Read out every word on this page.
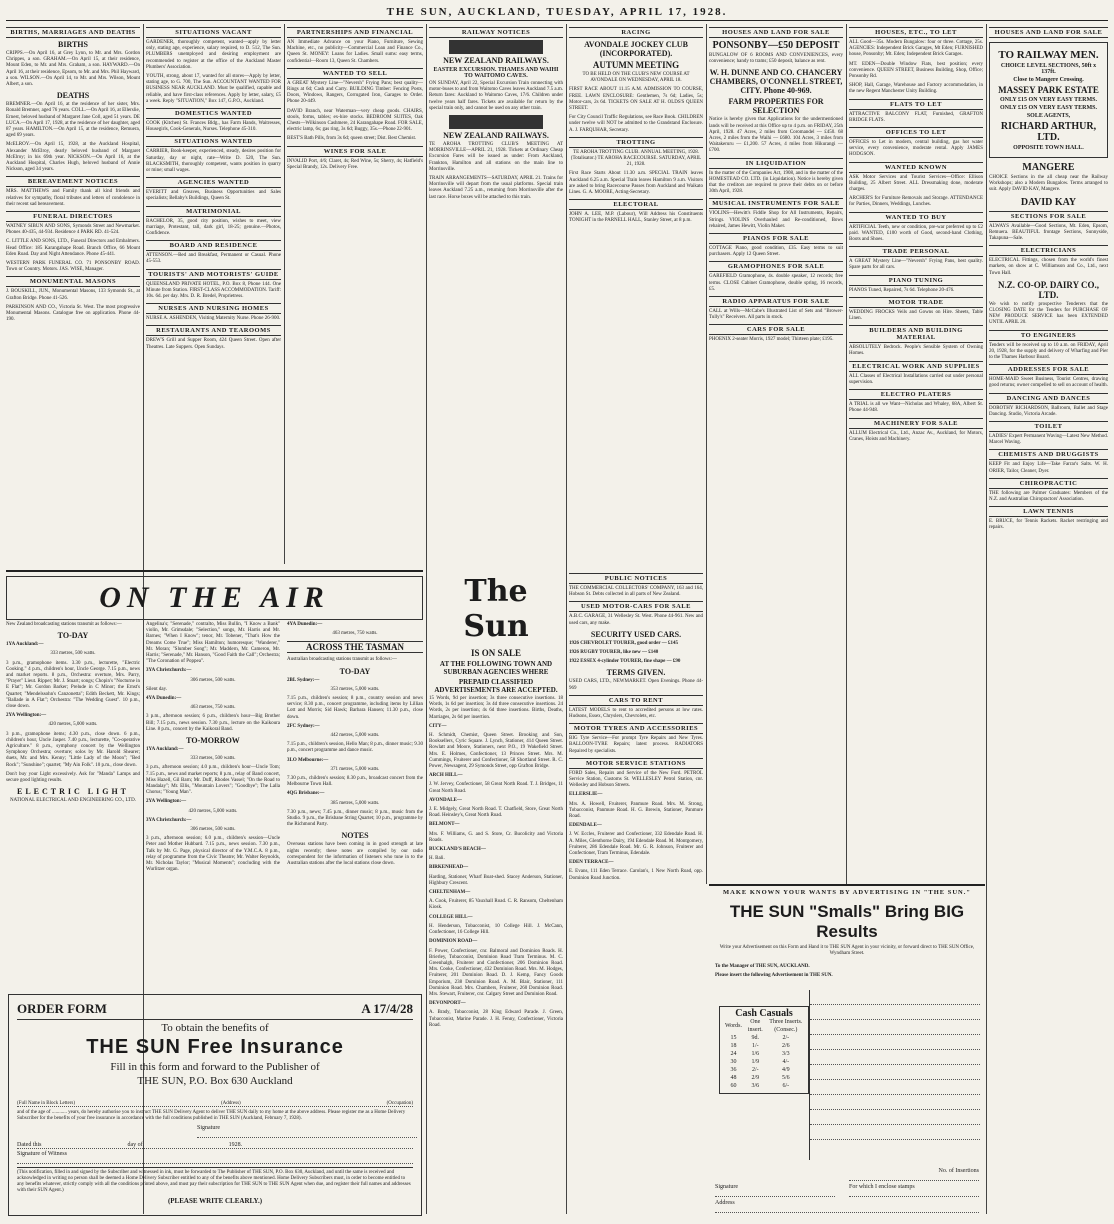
THE SUN, AUCKLAND, TUESDAY, APRIL 17, 1928.
BIRTHS, MARRIAGES AND DEATHS
BIRTHS

CRIPPS.—On April 16, at Grey Lynn, to Mr. and Mrs. Gordon Chrippes, a son. GRAHAM.—On April 15, at their residence, Mount Eden, to Mr. and Mrs. Graham, a son. HAYWARD.—On April 16, at their residence, Epsom, to Mr. and Mrs. Phil Hayward, a son. WILSON.—On April 14, to Mr. and Mrs. Wilson, Mount Albert, a son.

DEATHS

BREMNER.—On April 16, at the residence of her sister, Mrs. Ronald Bremner, aged 76 years. COLL.—On April 16, at Ellerslie, Ernest, beloved husband of Margaret Jane Coll, aged 51 years. DE LUCA.—On April 17, 1928, at the residence of her daughter, aged 87 years. HAMILTON.—On April 15, at the residence, Remuera, aged 69 years.

McELROY.—On April 15, 1928, at the Auckland Hospital, Alexander McElroy, dearly beloved husband of Margaret McElroy; in his 69th year. NICKSON.—On April 16, at the Auckland Hospital, Charles Hugh, beloved husband of Annie Nickson, aged 34 years.

BEREAVEMENT NOTICES

MRS. MATTHEWS and Family thank all kind friends and relatives for sympathy, floral tributes and letters of condolence in their recent sad bereavement.

FUNERAL DIRECTORS

WATNEY SIBUN AND SONS, Symonds Street and Newmarket. Phones 40-435, 44-934. Residence 4 PARK RD. 41-524.

C. LITTLE AND SONS, LTD., Funeral Directors and Embalmers. Head Office: 185 Karangahape Road. Branch Office, 66 Mount Eden Road. Day and Night Attendance. Phone 45-441.

WESTERN PARK FUNERAL CO. 71 PONSONBY ROAD. Town or Country. Motors. JAS. WISE, Manager.

MONUMENTAL MASONS

J. BOUSKILL, JUN., Monumental Masons, 133 Symonds St., at Grafton Bridge. Phone 41-526.

PARKINSON AND CO., Victoria St. West. The most progressive Monumental Masons. Catalogue free on application. Phone 44-190.

SITUATIONS VACANT

GARDENER, thoroughly competent, wanted—apply by letter only, stating age, experience, salary required, to D. 512, The Sun. PLUMBERS unemployed and desiring employment are recommended to register at the office of the Auckland Master Plumbers' Association.

YOUTH, strong, about 17, wanted for all stores—Apply by letter, stating age, to G. 700, The Sun. ACCOUNTANT WANTED FOR BUSINESS NEAR AUCKLAND. Must be qualified, capable and reliable, and have first-class references. Apply by letter, salary, £5 a week. Reply "SITUATION," Box 147, G.P.O., Auckland.

DOMESTICS WANTED

COOK (Kitchen) St. Frances Bldg., has Farm Hands, Waitresses, Housegirls, Cook-Generals, Nurses. Telephone 45-310.

SITUATIONS WANTED

CARRIER, Book-keeper, experienced, steady, desires position for Saturday, day or night, rate—Write D. 520, The Sun. BLACKSMITH, thoroughly competent, wants position in quarry or mine; small wages.

AGENCIES WANTED

EVERITT and Greaves, Business Opportunities and Sales specialists; Bellaby's Buildings, Queen St.

MATRIMONIAL

BACHELOR, 35, good city position, wishes to meet, view marriage, Protestant, tall, dark girl, 18-25; genuine.—Photos, Confidence.

BOARD AND RESIDENCE

ATTENSON.—Bed and Breakfast, Permanent or Casual. Phone 45-553.

TOURISTS' AND MOTORISTS' GUIDE

QUEENSLAND PRIVATE HOTEL, P.O. Box 8, Phone 144. One Minute from Station. FIRST-CLASS ACCOMMODATION. Tariff: 10s. 6d. per day. Mrs. D. R. Bredel, Proprietress.

NURSES AND NURSING HOMES

NURSE A. ASHENDEN, Visiting Maternity Nurse. Phone 26-900.

RESTAURANTS AND TEAROOMS

DREW'S Grill and Supper Room, 424 Queen Street. Open after Theatres. Late Suppers. Open Sundays.

PARTNERSHIPS AND FINANCIAL

AN Immediate Advance on your Piano, Furniture, Sewing Machine, etc., no publicity—Commercial Loan and Finance Co., Queen St. MONEY: Loans for Ladies. Small sums: easy terms, confidential—Room 13, Queen St. Chambers.

WANTED TO SELL

A GREAT Mystery Line—"Neversh" Frying Pans; best quality—Rings at 6d; Cash and Carry. BUILDING Timber: Fencing Posts, Doors, Windows, Rangers, Corrugated Iron, Garages to Order. Phone 20-449.

DAVID Branch, near Waterman—very cheap goods. CHAIRS, stools, forms, tables; ex-hire stocks. BEDROOM SUITES, Oak Chests—Wilkinson Cashmere, 24 Karangahape Road. FOR SALE, electric lamp, 6s; gas ring, 3s 6d; Buggy, 35s.—Phone 22-901.

BEST'S Bath Pills, from 3s 6d; queen street; Dist. Best Chemist.

WINES FOR SALE

INVALID Port, 4/6; Claret, 4s; Red Wine, 5s; Sherry, 4s; Hatfield's Special Brandy, 12s. Delivery Free.

RAILWAY NOTICES
NEW ZEALAND RAILWAYS.
EASTER EXCURSION. THAMES AND WAIHI TO WAITOMO CAVES.

ON SUNDAY, April 22, Special Excursion Train connecting with motor-buses to and from Waitomo Caves leaves Auckland 7.5 a.m. Return fares: Auckland to Waitomo Caves, 17/6. Children under twelve years half fares. Tickets are available for return by the special train only, and cannot be used on any other train.

NEW ZEALAND RAILWAYS.

TE AROHA TROTTING CLUB'S MEETING AT MORRINSVILLE—APRIL 21, 1928. Tickets at Ordinary Cheap Excursion Fares will be issued as under: From Auckland, Frankton, Hamilton and all stations on the main line to Morrinsville.

TRAIN ARRANGEMENTS—SATURDAY, APRIL 21. Trains for Morrinsville will depart from the usual platforms. Special train leaves Auckland 7.25 a.m., returning from Morrinsville after the last race. Horse boxes will be attached to this train.

RACING
AVONDALE JOCKEY CLUB (INCORPORATED).
AUTUMN MEETING

TO BE HELD ON THE CLUB'S NEW COURSE AT AVONDALE ON WEDNESDAY, APRIL 18.

FIRST RACE ABOUT 11.15 A.M. ADMISSION TO COURSE, FREE. LAWN ENCLOSURE: Gentlemen, 7s 6d; Ladies, 5s; Motor-cars, 2s 6d. TICKETS ON SALE AT H. OLDS'S QUEEN STREET.

For City Council Traffic Regulations, see Race Book. CHILDREN under twelve will NOT be admitted to the Grandstand Enclosure. A. J. FARQUHAR, Secretary.

TROTTING

TE AROHA TROTTING CLUB. ANNUAL MEETING, 1928. (Totalisator.) TE AROHA RACECOURSE. SATURDAY, APRIL 21, 1928.

First Race Starts About 11.30 a.m. SPECIAL TRAIN leaves Auckland 6.25 a.m. Special Train leaves Hamilton 9 a.m. Visitors are asked to bring Racecourse Passes from Auckland and Waikato Lines. G. A. MOORE, Acting-Secretary.

ELECTORAL

JOHN A. LEE, M.P. (Labour), Will Address his Constituents TONIGHT in the PARNELL HALL, Stanley Street, at 8 p.m.

HOUSES AND LAND FOR SALE
PONSONBY—£50 DEPOSIT

BUNGALOW OF 6 ROOMS AND CONVENIENCES, every convenience; handy to trams; £50 deposit, balance as rent.

W. H. DUNNE AND CO. CHANCERY CHAMBERS, O'CONNELL STREET, CITY. Phone 40-969.
FARM PROPERTIES FOR SELECTION

Notice is hereby given that Applications for the undermentioned lands will be received at this Office up to 4 p.m. on FRIDAY, 25th April, 1928. 47 Acres, 2 miles from Coromandel — £450. 68 Acres, 2 miles from the Waihi — £680. 104 Acres, 3 miles from Waitakeruru — £1,200. 57 Acres, 4 miles from Hikurangi — £700.

IN LIQUIDATION

In the matter of the Companies Act, 1908, and in the matter of the HOMESTEAD CO. LTD. (in Liquidation). Notice is hereby given that the creditors are required to prove their debts on or before 30th April, 1928.

MUSICAL INSTRUMENTS FOR SALE

VIOLINS—Hewitt's Fiddle Shop for All Instruments, Repairs, Strings. VIOLINS Overhauled and Re-conditioned, Bows rehaired, James Hewitt, Violin Maker.

PIANOS FOR SALE

COTTAGE Piano, good condition, £35. Easy terms to suit purchasers. Apply 12 Queen Street.

GRAMOPHONES FOR SALE

GAREFIELD Gramophone, 4s. double speaker, 12 records; free terms. CLOSE Cabinet Gramophone, double spring, 16 records, £5.

RADIO APPARATUS FOR SALE

CALL at Wills—McCabe's Illustrated List of Sets and "Brower-Tully's" Receivers. All parts in stock.

CARS FOR SALE

PHOENIX 2-seater Morris, 1927 model; Thirteen plate; £195.

HOUSES, ETC., TO LET

ALL Good—35s. Modern Bungalow: four or three. Cottage, 25s. AGENCIES: Independent Brick Garages, Mt Eden; FURNISHED house, Ponsonby; Mt. Eden; Independent Brick Garages.

MT. EDEN—Double Window Flats, best position; every convenience. QUEEN STREET, Business Building, Shop, Office; Ponsonby Rd.

SHOP, Hall, Garage, Warehouse and Factory accommodation, in the new Regent Manchester Unity Building.

FLATS TO LET

ATTRACTIVE BALCONY FLAT, Furnished, GRAFTON BRIDGE FLATS.

OFFICES TO LET

OFFICES to Let in modern, central building, gas hot water service, every convenience, moderate rental. Apply JAMES HODGSON.

WANTED KNOWN

ASK Motor Services and Tourist Services—Office: Ellison Building, 25 Albert Street. ALL Dressmaking done, moderate charges.

ARCHER'S for Furniture Removals and Storage. ATTENDANCE for Parties, Dinners, Weddings, Lunches.

WANTED TO BUY

ARTIFICIAL Teeth, new or condition, pre-war preferred up to £2 paid. WANTED, £100 worth of Good, second-hand Clothing, Boots and Shoes.

TRADE PERSONAL

A GREAT Mystery Line—"Neversh" Frying Pans, best quality. Spare parts for all cars.

PIANO TUNING

PIANOS Tuned, Repaired, 7s 6d. Telephone 20-476.

MOTOR TRADE

WEDDING FROCKS Veils and Gowns on Hire. Sheets, Table Linen.

BUILDERS AND BUILDING MATERIAL

ABSOLUTELY Bedrock. People's Sensible System of Owning Homes.

ELECTRICAL WORK AND SUPPLIES

ALL Classes of Electrical Installations carried out under personal supervision.

ELECTRO PLATERS

A TRIAL is all we Want—Nicholas and Whaley, 68A, Albert St. Phone 44-948.

MACHINERY FOR SALE

ALLUM Electrical Co., Ltd., Anzac Av., Auckland, for Motors, Cranes, Hoists and Machinery.

HOUSES AND LAND FOR SALE
TO RAILWAY MEN.
CHOICE LEVEL SECTIONS, 50ft x 137ft.
Close to Mangere Crossing.
MASSEY PARK ESTATE
ONLY £15 ON VERY EASY TERMS.
ONLY £15 ON VERY EASY TERMS.
SOLE AGENTS,
RICHARD ARTHUR, LTD.
OPPOSITE TOWN HALL.
MANGERE

CHOICE Sections in the all cheap near the Railway Workshops; also a Modern Bungalow. Terms arranged to suit. Apply DAVID KAY, Mangere.

DAVID KAY
SECTIONS FOR SALE

ALWAYS Available—Good Sections, Mt. Eden, Epsom, Remuera. BEAUTIFUL frontage Sections, Sunnyside, Takapuna—Sale.

ELECTRICIANS

ELECTRICAL Fittings, chosen from the world's finest markets, on show at C. Williamson and Co., Ltd., next Town Hall.

N.Z. CO-OP. DAIRY CO., LTD.

We wish to notify prospective Tenderers that the CLOSING DATE for the Tenders for PURCHASE OF NEW PRODUCE SERVICE has been EXTENDED UNTIL APRIL 20.

TO ENGINEERS

Tenders will be received up to 10 a.m. on FRIDAY, April 20, 1928, for the supply and delivery of Wharfing and Pier to the Thames Harbour Board.

ADDRESSES FOR SALE

HOME-MAID Sweet Business, Tourist Centres, drawing good returns; owner compelled to sell on account of health.

DANCING AND DANCES

DOROTHY RICHARDSON, Ballroom, Ballet and Stage Dancing. Studio, Victoria Arcade.

TOILET

LADIES' Expert Permanent Waving—Latest New Method. Marcel Waving.

CHEMISTS AND DRUGGISTS

KEEP Fit and Enjoy Life—Take Farrar's Salts. W. H. ORIER, Tailor, Cleaner, Dyer.

CHIROPRACTIC

THE following are Palmer Graduates: Members of the N.Z. and Australian Chiropractors' Association.

LAWN TENNIS

E. BRUCE, for Tennis Rackets. Racket restringing and repairs.

ON THE AIR

New Zealand broadcasting stations transmit as follows:—

TO-DAY
1YA Auckland:—
333 metres, 500 watts.

3 p.m., gramophone items. 3.30 p.m., lecturette, "Electric Cooking." 4 p.m., children's hour, Uncle George. 7.15 p.m., news and market reports. 8 p.m., Orchestra: overture, Mrs. Parry, "Prayer" Lieut. Ripper; Mr. J. Stuart; songs; Chopin's "Nocturne in E Flat"; Mr. Gordon Barker; Prelude in C Minor; the Ernst's Quartet; "Mendelssohn's Canzonetta"; Edith Beckett, Mr. Kings; "Ballade in A Flat"; Orchestra: "The Wedding Guest". 10 p.m., close down.

2YA Wellington:—
420 metres, 5,000 watts.

3 p.m., gramophone items; 4.30 p.m., close down. 6 p.m., children's hour, Uncle Jasper. 7.40 p.m., lecturette, "Co-operative Agriculture." 8 p.m., symphony concert by the Wellington Symphony Orchestra; overture; solos by Mr. Harold Shearer; duets, Mr. and Mrs. Kenny; "Little Lady of the Moon"; "Bed Rock"; "Sunshine"; quartet; "My Ain Folk". 10 p.m., close down.

Don't buy your Light excessively. Ask for "Manda" Lamps and secure good lighting results.

ELECTRIC LIGHT
NATIONAL ELECTRICAL AND ENGINEERING CO., LTD.

Angelina's; "Serenade," contralto, Miss Bullin, "I Know a Bank" violin, Mr. Grimsdale; "Selection," songs, Mr. Harris and Mr. Barnes; "When I Know"; tenor, Mr. Tobener, "That's How the Dreams Come True"; Miss Hamilton; humoresque; "Wanderer," Mr. Moran; "Slumber Song"; Mr. Maddern, Mr. Cameron, Mr. Harris; "Serenade," Mr. Hanson, "Good Faith the Call"; Orchestra; "The Coronation of Poppea".

3YA Christchurch:—
306 metres, 500 watts.
Silent day.
4YA Dunedin:—
463 metres, 750 watts.

3 p.m., afternoon session; 6 p.m., children's hour—Big Brother Bill; 7.15 p.m., news session. 7.30 p.m., lecture on the Kaikoura Line. 8 p.m., concert by the Kaikoral Band.

TO-MORROW
1YA Auckland:—
333 metres, 500 watts.

3 p.m., afternoon session; 4.0 p.m., children's hour—Uncle Tom; 7.15 p.m., news and market reports; 8 p.m., relay of Band concert, Miss Hazell, Gil Barn; Mr. Duff, Rhodes Vassel; "On the Road to Mandalay"; Mr. Ellis, "Mountain Lovers"; "Goodbye"; The Lalla Chorus; "Young Man".

2YA Wellington:—
420 metres, 5,000 watts.
3YA Christchurch:—
306 metres, 500 watts.

3 p.m., afternoon session; 6.0 p.m., children's session—Uncle Peter and Mother Hubbard. 7.15 p.m., news session. 7.30 p.m., Talk by Mr. G. Page, physical director of the Y.M.C.A. 8 p.m., relay of programme from the Civic Theatre; Mr. Walter Reynolds, Mr. Nicholas Taylor; "Musical Moments"; concluding with the Wurlitzer organ.

4YA Dunedin:—
463 metres, 750 watts.
ACROSS THE TASMAN

Australian broadcasting stations transmit as follows:—

TO-DAY
2BL Sydney:—
353 metres, 5,000 watts.

7.15 p.m., children's session; 8 p.m., country session and news service; 8.30 p.m., concert programme, including items by Lillian Lott and Morris; Sid Hawk; Barbara Hansen; 11.30 p.m., close down.

2FC Sydney:—
442 metres, 5,000 watts.

7.15 p.m., children's session, Hello Man; 8 p.m., dinner music; 9.30 p.m., concert programme and dance music.

3LO Melbourne:—
371 metres, 5,000 watts.

7.30 p.m., children's session; 8.30 p.m., broadcast concert from the Melbourne Town Hall.

4QG Brisbane:—
385 metres, 5,000 watts.

7.30 p.m., news; 7.45 p.m., dinner music; 8 p.m., music from the Studio. 9 p.m., the Brisbane String Quartet; 10 p.m., programme by the Richmond Party.

NOTES

Overseas stations have been coming in in good strength at late nights recently; these notes are compiled by our radio correspondent for the information of listeners who tune in to the Australian stations after the local stations close down.

The Sun
IS ON SALE
AT THE FOLLOWING TOWN AND SUBURBAN AGENCIES WHERE
PREPAID CLASSIFIED ADVERTISEMENTS ARE ACCEPTED.

15 Words, 9d per insertion; 3s three consecutive insertions. 18 Words, 1s 6d per insertion; 3s 4d three consecutive insertions. 24 Words, 2s per insertion; 4s 6d three insertions. Births, Deaths, Marriages, 2s 6d per insertion.

CITY—

H. Schmidt, Chemist, Queen Street. Brooking and Son, Booksellers, Cyric Square. J. Lynch, Stationer, 414 Queen Street. Rowlatt and Moore, Stationers, next P.O., 19 Wakefield Street. Mrs. E. Holmes, Confectioner, 13 Princes Street. Mrs. M. Cummings, Fruiterer and Confectioner, 58 Shortland Street. R. C. Power, Newsagent, 29 Symonds Street, opp Grafton Bridge.

ARCH HILL—

J. W. Jervey, Confectioner, 58 Great North Road. T. J. Bridges, 11 Great North Road.

AVONDALE—

J. E. Midgely, Great North Road. T. Chatfield, Store, Great North Road. Heinsley's, Great North Road.

BELMONT—

Mrs. F. Williams, G. and S. Store, Cr. Bucolicity and Victoria Roads.

BUCKLAND'S BEACH—

H. Bali.

BIRKENHEAD—

Harding, Stationer, Wharf Boat-shed. Stacey Anderson, Stationer, Highbury Crescent.

CHELTENHAM—

A. Cook, Fruiterer, 85 Vauxhall Road. C. R. Ransom, Cheltenham Kiosk.

COLLEGE HILL—

H. Henderson, Tobacconist, 10 College Hill. J. McCann, Confectioner, 16 College Hill.

DOMINION ROAD—

F. Power, Confectioner, cnr. Balmoral and Dominion Roads. H. Brierley, Tobacconist, Dominion Road Tram Terminus. M. C. Greenhalgh, Fruiterer and Confectioner, 206 Dominion Road. Mrs. Cooke, Confectioner, 432 Dominion Road. Mrs. M. Hodges, Fruiterer, 201 Dominion Road. D. J. Kemp, Fancy Goods Emporium, 238 Dominion Road. A. M. Blair, Stationer, 111 Dominion Road. Mrs. Chambers, Fruiterer, 260 Dominion Road. Mrs. Stewart, Fruiterer, cnr. Calgary Street and Dominion Road.

DEVONPORT—

A. Brady, Tobacconist, 28 King Edward Parade. J. Green, Tobacconist, Marine Parade. J. H. Fenny, Confectioner, Victoria Road.

PUBLIC NOTICES

THE COMMERCIAL COLLECTORS' COMPANY, 163 and 164, Hobson St. Debts collected in all parts of New Zealand.

USED MOTOR-CARS FOR SALE

A.B.C. GARAGE, 31 Wellesley St. West. Phone 44-961. New and used cars, any make.

SECURITY USED CARS.
1926 CHEVROLET TOURER, good order — £145
1926 RUGBY TOURER, like new — £140
1922 ESSEX 4-cylinder TOURER, fine shape — £90
TERMS GIVEN.

USED CARS, LTD., NEWMARKET. Open Evenings. Phone 44-969

CARS TO RENT

LATEST MODELS to rent to accredited persons at low rates. Hudsons, Essex, Chryslers, Chevrolets, etc.

MOTOR TYRES AND ACCESSORIES

BIG Tyre Service—For prompt Tyre Repairs and New Tyres. BALLOON-TYRE Repairs; latest process. RADIATORS Repaired by specialists.

MOTOR SERVICE STATIONS

FORD Sales, Repairs and Service of the New Ford. PETROL Service Station, Customs St. WELLESLEY Petrol Station, cnr. Wellesley and Hobson Streets.

ELLERSLIE—

Mrs. A. Howell, Fruiterer, Panmure Road. Mrs. M. Strong, Tobacconist, Panmure Road. H. G. Brewin, Stationer, Panmure Road.

EDENDALE—

J. W. Eccles, Fruiterer and Confectioner, 332 Edendale Road. H. A. Miles, Glenthorne Dairy, 194 Edendale Road. M. Montgomery, Fruiterer, 286 Edendale Road. Mr. G. R. Johnson, Fruiterer and Confectioner, Tram Terminus, Edendale.

EDEN TERRACE—

E. Evans, 111 Eden Terrace. Carolan's, 1 New North Road, opp. Dominion Road Junction.

MAKE KNOWN YOUR WANTS BY ADVERTISING IN "THE SUN."
THE SUN "Smalls" Bring BIG Results
Write your Advertisement on this Form and Hand it to THE SUN Agent in your vicinity, or forward direct to THE SUN Office, Wyndham Street.
To the Manager of THE SUN, AUCKLAND.
Please insert the following Advertisement in THE SUN.
Cash Casuals
Words.	One insert.	Three Inserts. (Consec.)
15	9d.	2/-
18	1/-	2/6
24	1/6	3/3
30	1/9	4/-
36	2/-	4/9
48	2/9	5/6
60	3/6	6/-
No. of Insertions
Signature	For which I enclose stamps
Address
ORDER FORM	A 17/4/28
To obtain the benefits of
THE SUN Free Insurance
Fill in this form and forward to the Publisher of
THE SUN, P.O. Box 630 Auckland
(Full Name in Block Letters)	(Address)	(Occupation)

and of the age of ............ years, do hereby authorise you to instruct THE SUN Delivery Agent to deliver THE SUN daily to my home at the above address. Please register me as a Home Delivery Subscriber for the benefits of your free insurance in accordance with the full conditions published in THE SUN (Auckland, February 7, 1928).

Signature
Dated this	day of	1928.
Signature of Witness

(This notification, filled in and signed by the Subscriber and witnessed in ink, must be forwarded to The Publisher of THE SUN, P.O. Box 630, Auckland, and until the same is received and acknowledged in writing no person shall be deemed a Home Delivery Subscriber entitled to any of the benefits above mentioned. Home Delivery Subscribers must, in order to become entitled to any benefits whatever, strictly comply with all the conditions printed above, and must pay their subscription for THE SUN to THE SUN Agent when due, and register their full names and addresses with their SUN Agent.)

(PLEASE WRITE CLEARLY.)
